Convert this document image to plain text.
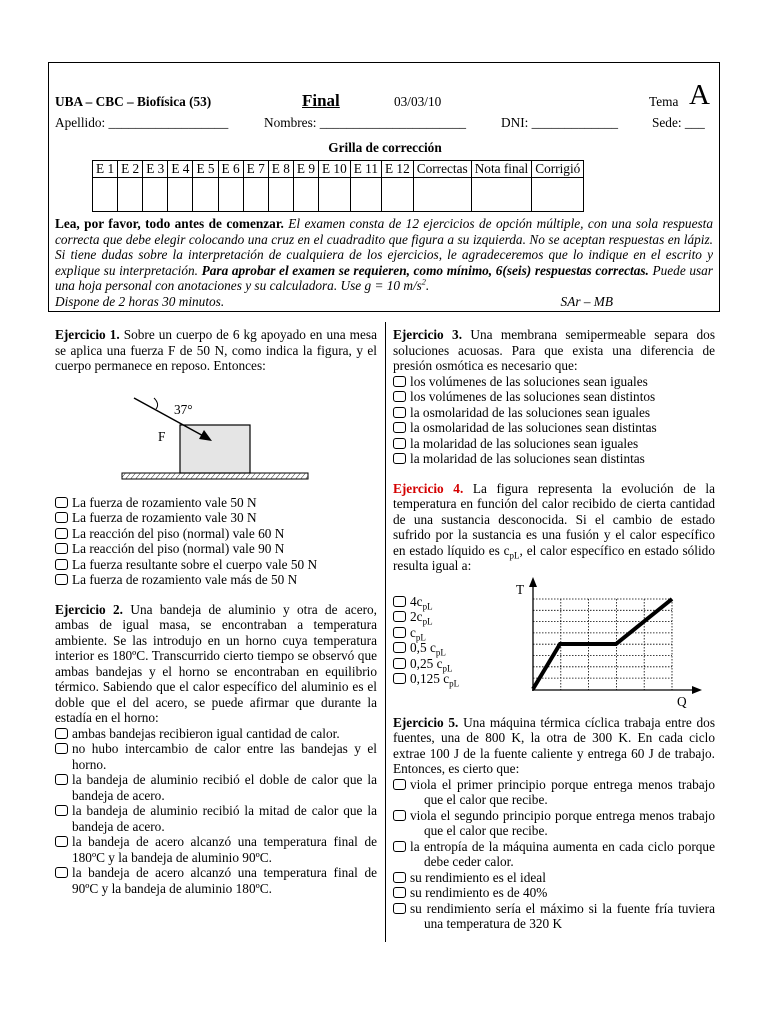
UBA – CBC – Biofísica (53)	Final	03/03/10	Tema A
Apellido: __________________	Nombres: ______________________	DNI: _____________	Sede: ___
Grilla de corrección
Lea, por favor, todo antes de comenzar. El examen consta de 12 ejercicios de opción múltiple, con una sola respuesta correcta que debe elegir colocando una cruz en el cuadradito que figura a su izquierda. No se aceptan respuestas en lápiz. Si tiene dudas sobre la interpretación de cualquiera de los ejercicios, le agradeceremos que lo indique en el escrito y explique su interpretación. Para aprobar el examen se requieren, como mínimo, 6(seis) respuestas correctas. Puede usar una hoja personal con anotaciones y su calculadora. Use g = 10 $m/s^2$.
Dispone de 2 horas 30 minutos.	SAr – MB
E 1	E 2	E 3	E 4	E 5	E 6	E 7	E 8	E 9	E 10	E 11	E 12	Correctas	Nota final	Corrigió

Ejercicio 1. Sobre un cuerpo de 6 kg apoyado en una mesa se aplica una fuerza F de 50 N, como indica la figura, y el cuerpo permanece en reposo. Entonces:
37°
F
La fuerza de rozamiento vale 50 N
La fuerza de rozamiento vale 30 N
La reacción del piso (normal) vale 60 N
La reacción del piso (normal) vale 90 N
La fuerza resultante sobre el cuerpo vale 50 N
La fuerza de rozamiento vale más de 50 N
Ejercicio 2. Una bandeja de aluminio y otra de acero, ambas de igual masa, se encontraban a temperatura ambiente. Se las introdujo en un horno cuya temperatura interior es 180ºC. Transcurrido cierto tiempo se observó que ambas bandejas y el horno se encontraban en equilibrio térmico. Sabiendo que el calor específico del aluminio es el doble que el del acero, se puede afirmar que durante la estadía en el horno:
ambas bandejas recibieron igual cantidad de calor.
no hubo intercambio de calor entre las bandejas y el horno.
la bandeja de aluminio recibió el doble de calor que la bandeja de acero.
la bandeja de aluminio recibió la mitad de calor que la bandeja de acero.
la bandeja de acero alcanzó una temperatura final de 180ºC y la bandeja de aluminio 90ºC.
la bandeja de acero alcanzó una temperatura final de 90ºC y la bandeja de aluminio 180ºC.
Ejercicio 3. Una membrana semipermeable separa dos soluciones acuosas. Para que exista una diferencia de presión osmótica es necesario que:
los volúmenes de las soluciones sean iguales
los volúmenes de las soluciones sean distintos
la osmolaridad de las soluciones sean iguales
la osmolaridad de las soluciones sean distintas
la molaridad de las soluciones sean iguales
la molaridad de las soluciones sean distintas
Ejercicio 4. La figura representa la evolución de la temperatura en función del calor recibido de cierta cantidad de una sustancia desconocida. Si el cambio de estado sufrido por la sustancia es una fusión y el calor específico en estado líquido es $c_{pL}$, el calor específico en estado sólido resulta igual a:
$4c_{pL}$
$2c_{pL}$
$c_{pL}$
0,5 $c_{pL}$
0,25 $c_{pL}$
0,125 $c_{pL}$
T
Q
Ejercicio 5. Una máquina térmica cíclica trabaja entre dos fuentes, una de 800 K, la otra de 300 K. En cada ciclo extrae 100 J de la fuente caliente y entrega 60 J de trabajo. Entonces, es cierto que:
viola el primer principio porque entrega menos trabajo que el calor que recibe.
viola el segundo principio porque entrega menos trabajo que el calor que recibe.
la entropía de la máquina aumenta en cada ciclo porque debe ceder calor.
su rendimiento es el ideal
su rendimiento es de 40%
su rendimiento sería el máximo si la fuente fría tuviera una temperatura de 320 K
